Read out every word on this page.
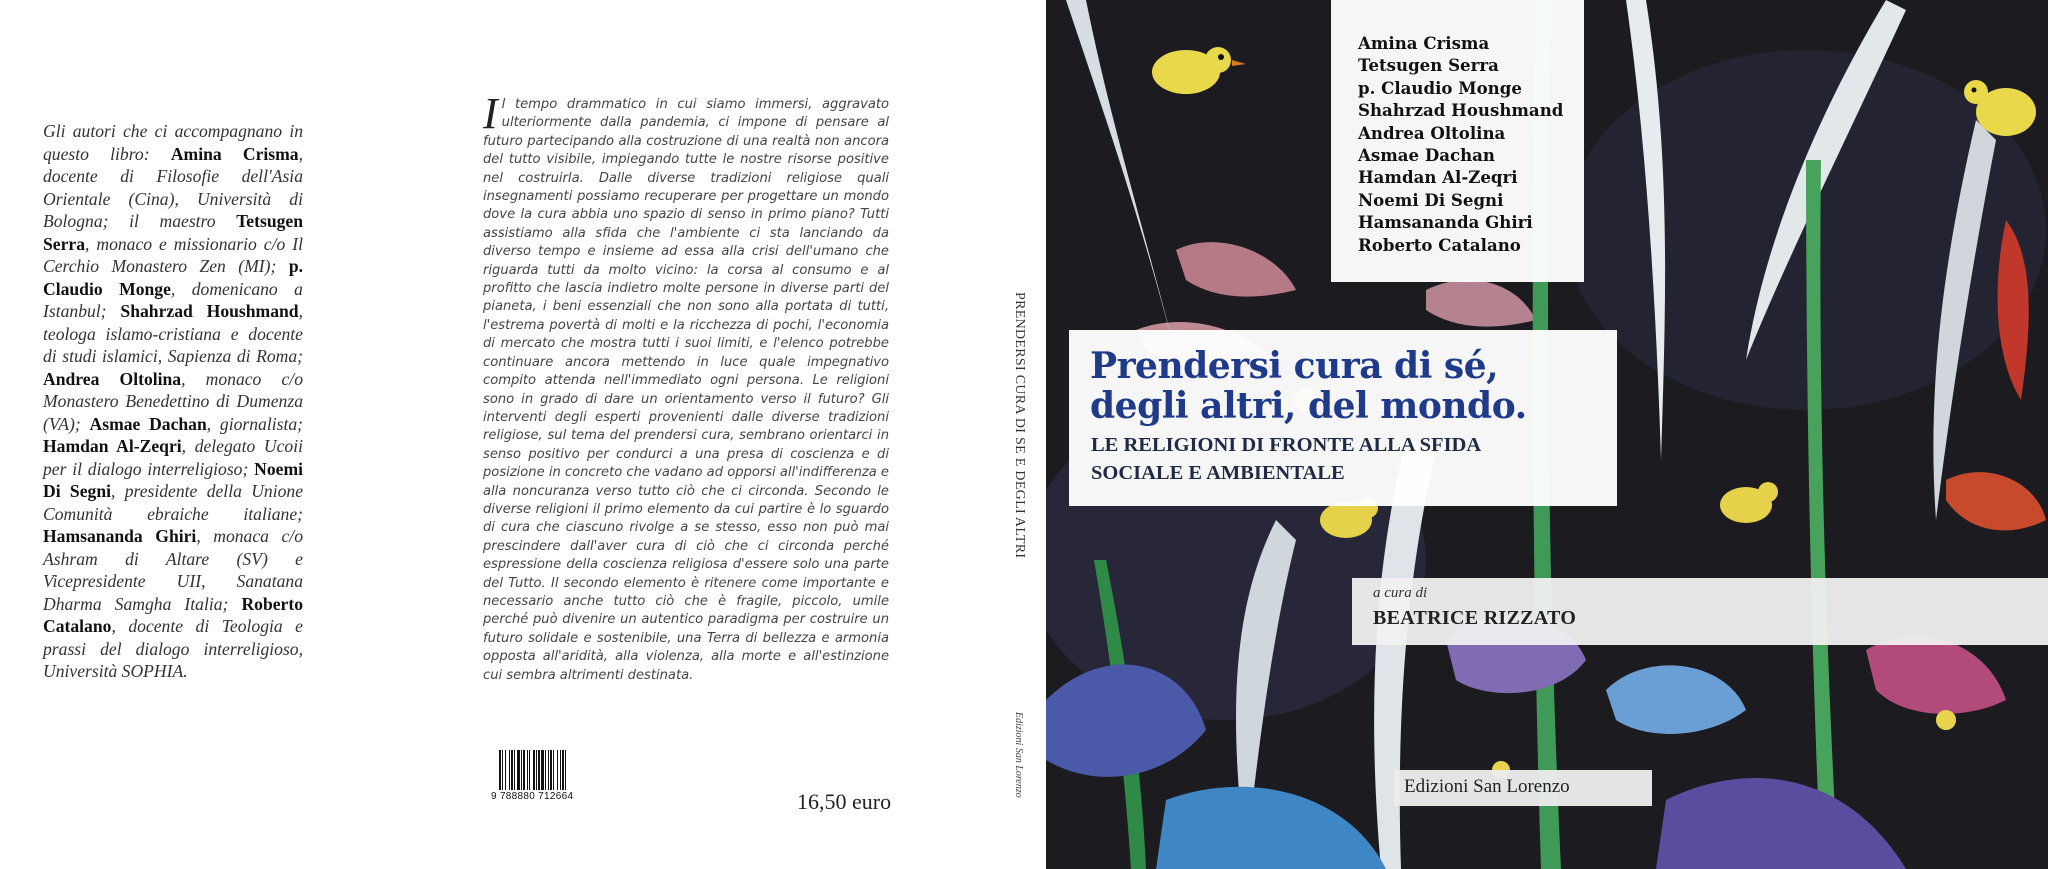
Gli autori che ci accompagnano in questo libro: Amina Crisma, docente di Filosofie dell'Asia Orientale (Cina), Università di Bologna; il maestro Tetsugen Serra, monaco e missionario c/o Il Cerchio Monastero Zen (MI); p. Claudio Monge, domenicano a Istanbul; Shahrzad Houshmand, teologa islamo-cristiana e docente di studi islamici, Sapienza di Roma; Andrea Oltolina, monaco c/o Monastero Benedettino di Dumenza (VA); Asmae Dachan, giornalista; Hamdan Al-Zeqri, delegato Ucoii per il dialogo interreligioso; Noemi Di Segni, presidente della Unione Comunità ebraiche italiane; Hamsananda Ghiri, monaca c/o Ashram di Altare (SV) e Vicepresidente UII, Sanatana Dharma Samgha Italia; Roberto Catalano, docente di Teologia e prassi del dialogo interreligioso, Università SOPHIA.
Il tempo drammatico in cui siamo immersi, aggravato ulteriormente dalla pandemia, ci impone di pensare al futuro partecipando alla costruzione di una realtà non ancora del tutto visibile, impiegando tutte le nostre risorse positive nel costruirla. Dalle diverse tradizioni religiose quali insegnamenti possiamo recuperare per progettare un mondo dove la cura abbia uno spazio di senso in primo piano? Tutti assistiamo alla sfida che l'ambiente ci sta lanciando da diverso tempo e insieme ad essa alla crisi dell'umano che riguarda tutti da molto vicino: la corsa al consumo e al profitto che lascia indietro molte persone in diverse parti del pianeta, i beni essenziali che non sono alla portata di tutti, l'estrema povertà di molti e la ricchezza di pochi, l'economia di mercato che mostra tutti i suoi limiti, e l'elenco potrebbe continuare ancora mettendo in luce quale impegnativo compito attenda nell'immediato ogni persona. Le religioni sono in grado di dare un orientamento verso il futuro? Gli interventi degli esperti provenienti dalle diverse tradizioni religiose, sul tema del prendersi cura, sembrano orientarci in senso positivo per condurci a una presa di coscienza e di posizione in concreto che vadano ad opporsi all'indifferenza e alla noncuranza verso tutto ciò che ci circonda. Secondo le diverse religioni il primo elemento da cui partire è lo sguardo di cura che ciascuno rivolge a se stesso, esso non può mai prescindere dall'aver cura di ciò che ci circonda perché espressione della coscienza religiosa d'essere solo una parte del Tutto. Il secondo elemento è ritenere come importante e necessario anche tutto ciò che è fragile, piccolo, umile perché può divenire un autentico paradigma per costruire un futuro solidale e sostenibile, una Terra di bellezza e armonia opposta all'aridità, alla violenza, alla morte e all'estinzione cui sembra altrimenti destinata.
9 788880 712664	16,50 euro
PRENDERSI CURA DI SE E DEGLI ALTRI
Edizioni San Lorenzo
Amina Crisma
Tetsugen Serra
p. Claudio Monge
Shahrzad Houshmand
Andrea Oltolina
Asmae Dachan
Hamdan Al-Zeqri
Noemi Di Segni
Hamsananda Ghiri
Roberto Catalano
Prendersi cura di sé,
degli altri, del mondo.
LE RELIGIONI DI FRONTE ALLA SFIDA
SOCIALE E AMBIENTALE
a cura di
BEATRICE RIZZATO
Edizioni San Lorenzo
